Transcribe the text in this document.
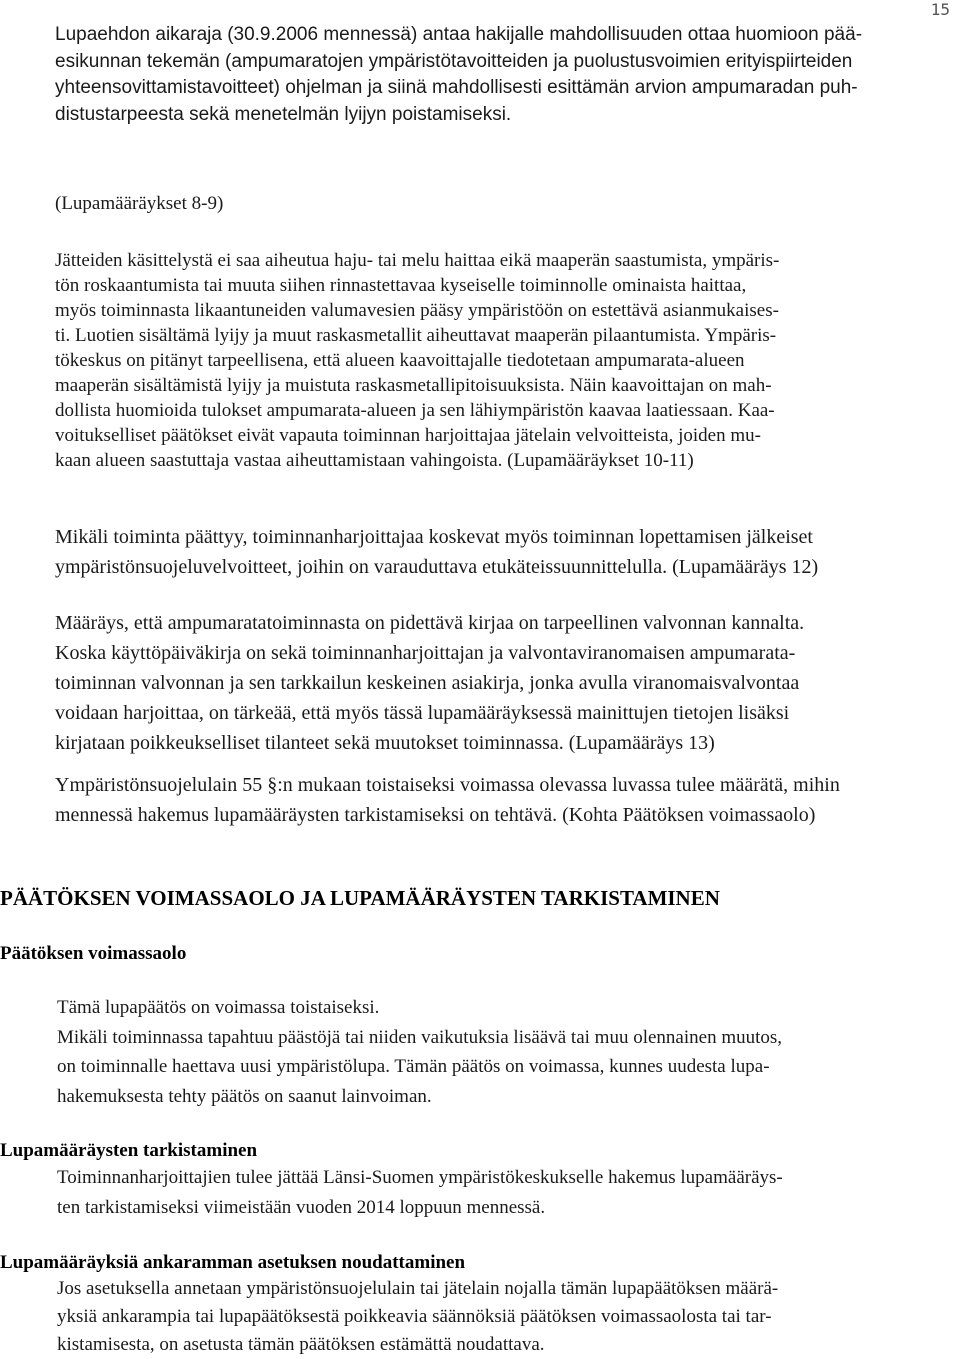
15
Lupaehdon aikaraja (30.9.2006 mennessä) antaa hakijalle mahdollisuuden ottaa huomioon pää-
esikunnan tekemän (ampumaratojen ympäristötavoitteiden ja puolustusvoimien erityispiirteiden
yhteensovittamistavoitteet) ohjelman ja siinä mahdollisesti esittämän arvion ampumaradan puh-
distustarpeesta sekä menetelmän lyijyn poistamiseksi.
(Lupamääräykset 8-9)
Jätteiden käsittelystä ei saa aiheutua haju- tai melu haittaa eikä maaperän saastumista, ympäris-
tön roskaantumista tai muuta siihen rinnastettavaa kyseiselle toiminnolle ominaista haittaa,
myös toiminnasta likaantuneiden valumavesien pääsy ympäristöön on estettävä asianmukaises-
ti. Luotien sisältämä lyijy ja muut raskasmetallit aiheuttavat maaperän pilaantumista. Ympäris-
tökeskus on pitänyt tarpeellisena, että alueen kaavoittajalle tiedotetaan ampumarata-alueen
maaperän sisältämistä lyijy ja muistuta raskasmetallipitoisuuksista. Näin kaavoittajan on mah-
dollista huomioida tulokset ampumarata-alueen ja sen lähiympäristön kaavaa laatiessaan. Kaa-
voitukselliset päätökset eivät vapauta toiminnan harjoittajaa jätelain velvoitteista, joiden mu-
kaan alueen saastuttaja vastaa aiheuttamistaan vahingoista. (Lupamääräykset 10-11)
Mikäli toiminta päättyy, toiminnanharjoittajaa koskevat myös toiminnan lopettamisen jälkeiset
ympäristönsuojeluvelvoitteet, joihin on varauduttava etukäteissuunnittelulla. (Lupamääräys 12)
Määräys, että ampumaratatoiminnasta on pidettävä kirjaa on tarpeellinen valvonnan kannalta.
Koska käyttöpäiväkirja on sekä toiminnanharjoittajan ja valvontaviranomaisen ampumarata-
toiminnan valvonnan ja sen tarkkailun keskeinen asiakirja, jonka avulla viranomaisvalvontaa
voidaan harjoittaa, on tärkeää, että myös tässä lupamääräyksessä mainittujen tietojen lisäksi
kirjataan poikkeukselliset tilanteet sekä muutokset toiminnassa. (Lupamääräys 13)
Ympäristönsuojelulain 55 §:n mukaan toistaiseksi voimassa olevassa luvassa tulee määrätä, mihin
mennessä hakemus lupamääräysten tarkistamiseksi on tehtävä. (Kohta Päätöksen voimassaolo)
PÄÄTÖKSEN VOIMASSAOLO JA LUPAMÄÄRÄYSTEN TARKISTAMINEN
Päätöksen voimassaolo
Tämä lupapäätös on voimassa toistaiseksi.
Mikäli toiminnassa tapahtuu päästöjä tai niiden vaikutuksia lisäävä tai muu olennainen muutos,
on toiminnalle haettava uusi ympäristölupa. Tämän päätös on voimassa, kunnes uudesta lupa-
hakemuksesta tehty päätös on saanut lainvoiman.
Lupamääräysten tarkistaminen
Toiminnanharjoittajien tulee jättää Länsi-Suomen ympäristökeskukselle hakemus lupamääräys-
ten tarkistamiseksi viimeistään vuoden 2014 loppuun mennessä.
Lupamääräyksiä ankaramman asetuksen noudattaminen
Jos asetuksella annetaan ympäristönsuojelulain tai jätelain nojalla tämän lupapäätöksen määrä-
yksiä ankarampia tai lupapäätöksestä poikkeavia säännöksiä päätöksen voimassaolosta tai tar-
kistamisesta, on asetusta tämän päätöksen estämättä noudattava.
